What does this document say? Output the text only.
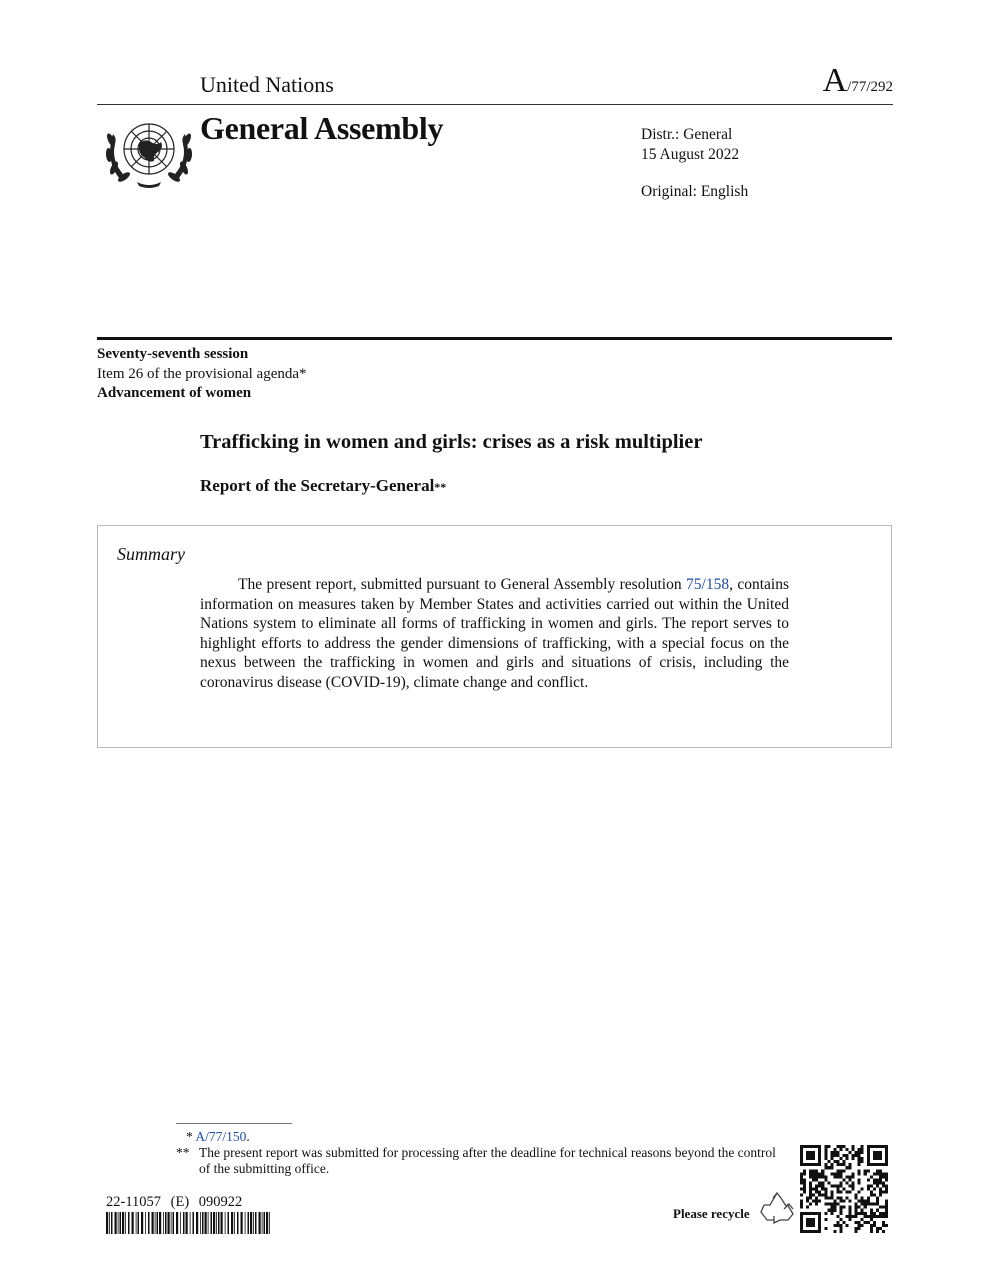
United Nations	A/77/292
General Assembly	Distr.: General
15 August 2022
Original: English
Seventy-seventh session
Item 26 of the provisional agenda*
Advancement of women
Trafficking in women and girls: crises as a risk multiplier
Report of the Secretary-General**
Summary
The present report, submitted pursuant to General Assembly resolution 75/158, contains information on measures taken by Member States and activities carried out within the United Nations system to eliminate all forms of trafficking in women and girls. The report serves to highlight efforts to address the gender dimensions of trafficking, with a special focus on the nexus between the trafficking in women and girls and situations of crisis, including the coronavirus disease (COVID-19), climate change and conflict.
* A/77/150.
** The present report was submitted for processing after the deadline for technical reasons beyond the control of the submitting office.
22-11057 (E) 090922
Please recycle
